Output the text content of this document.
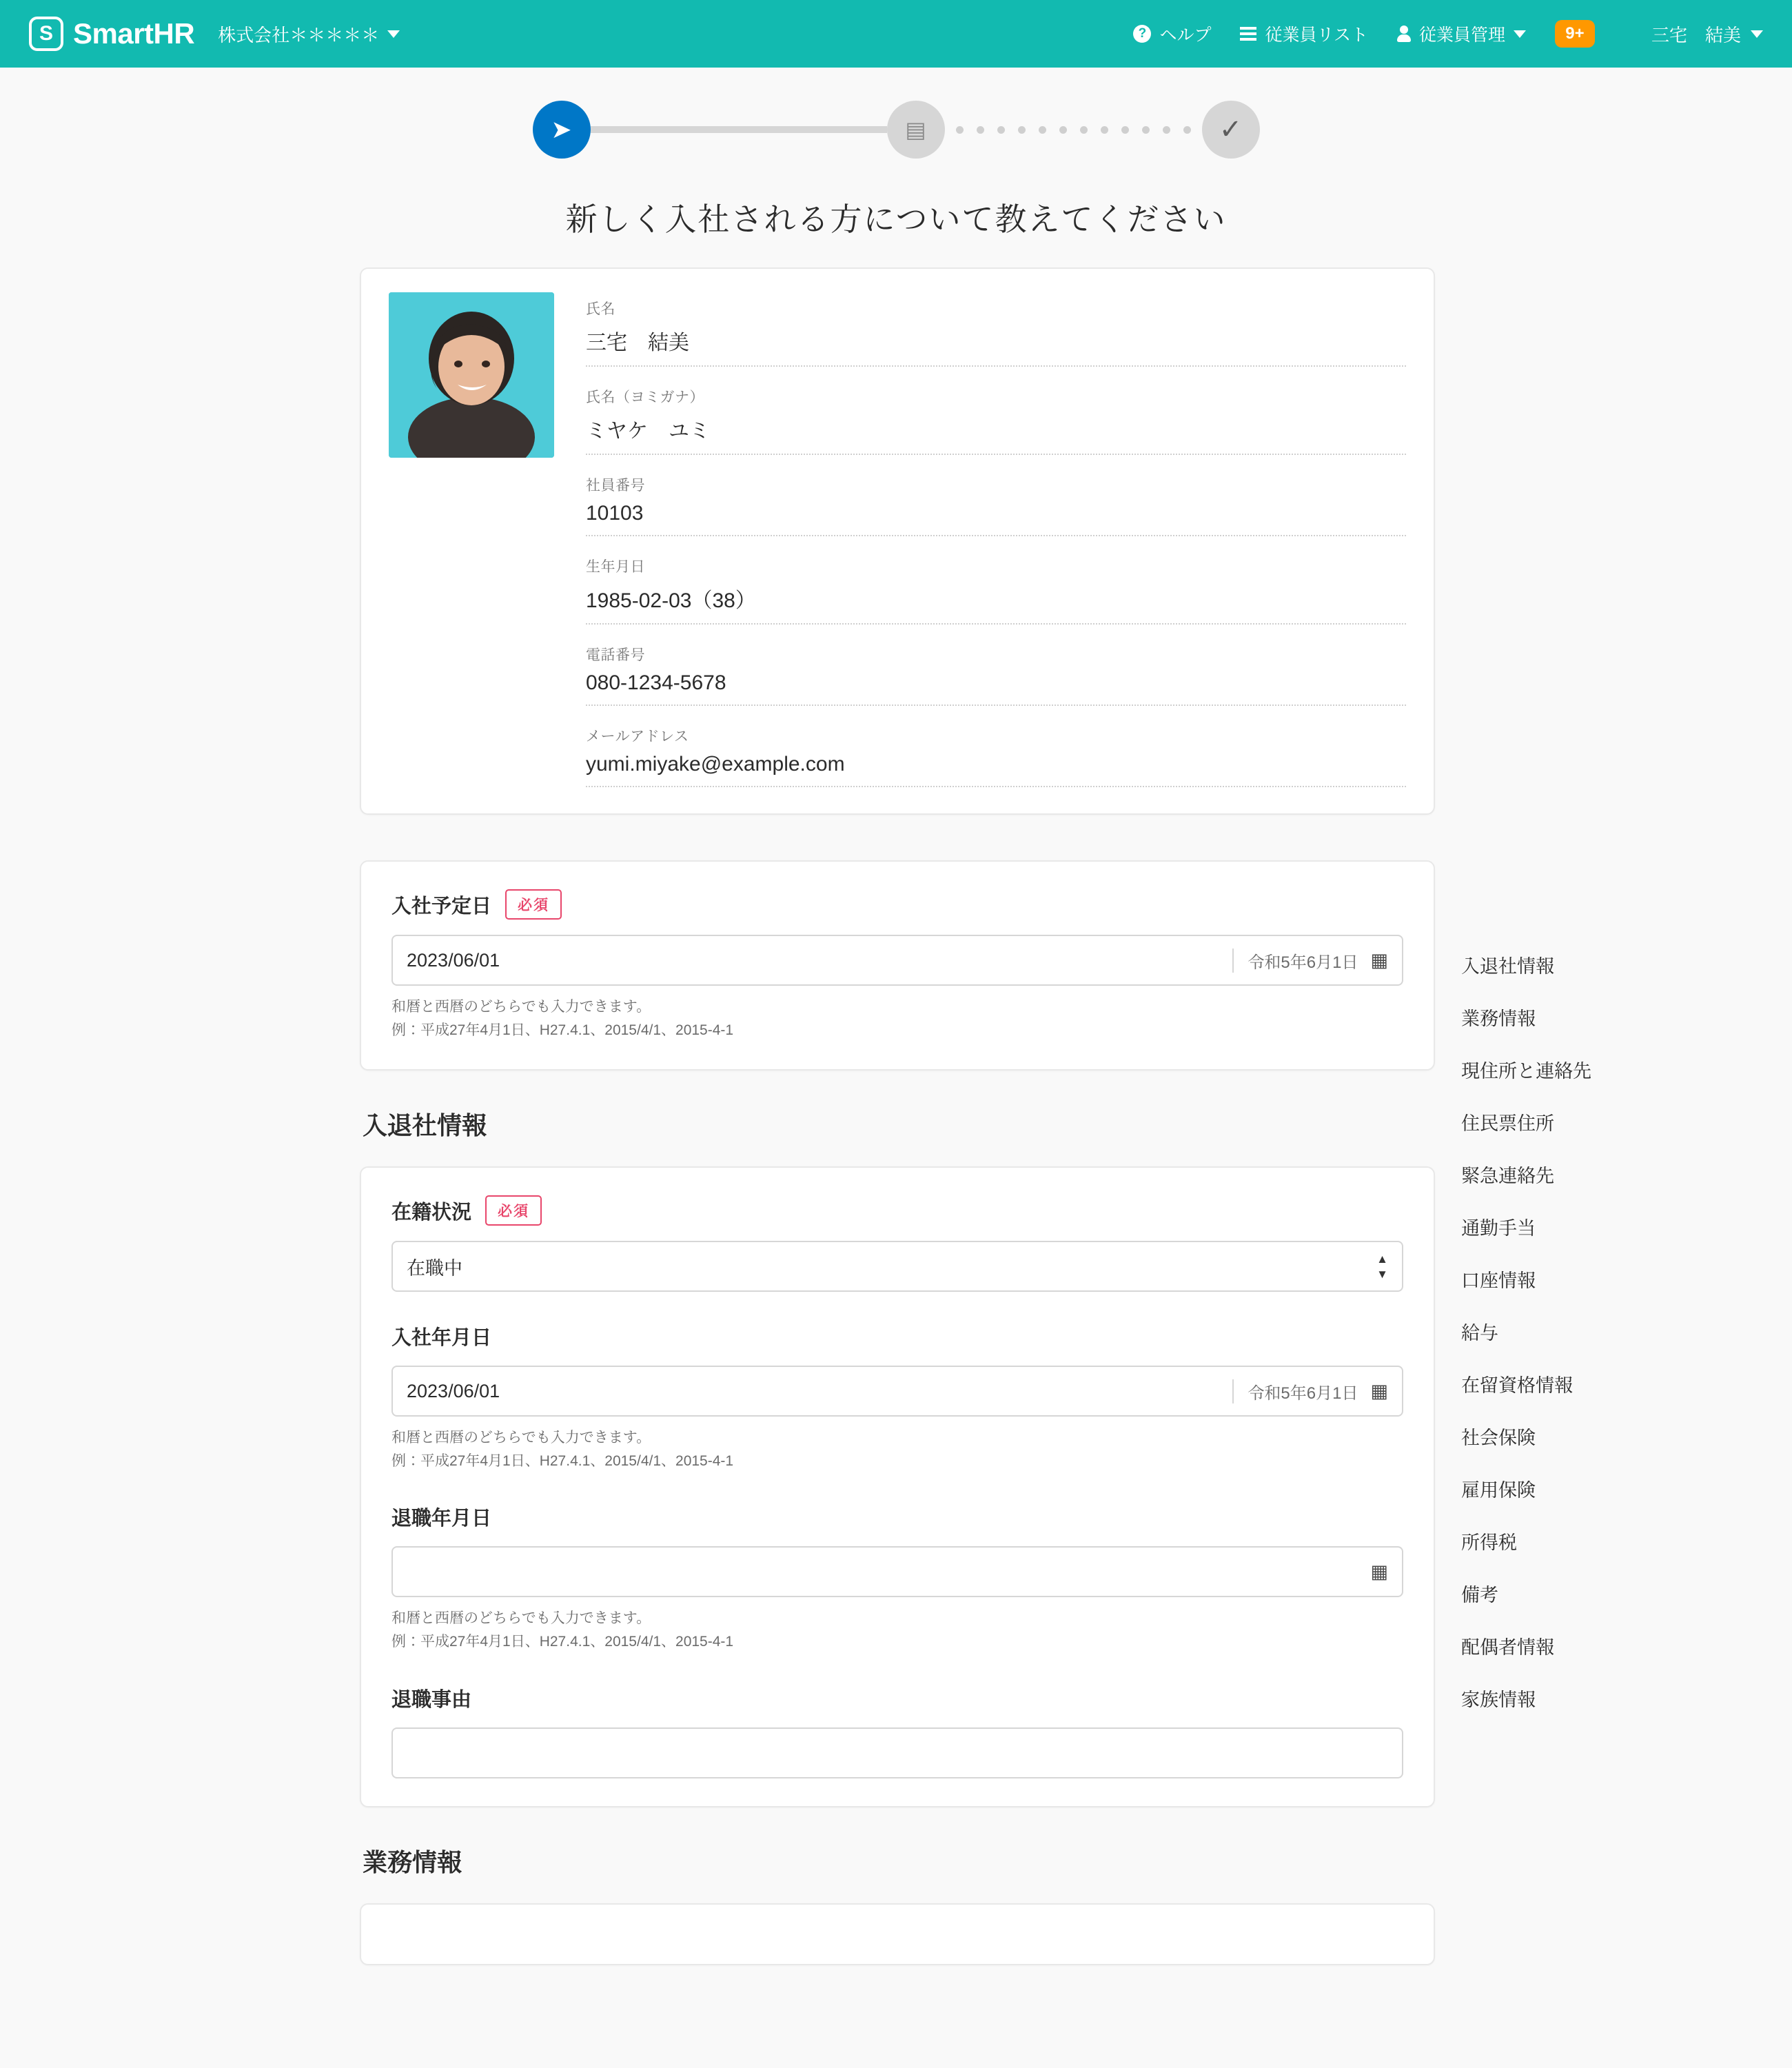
S SmartHR 株式会社＊＊＊＊＊	? ヘルプ	従業員リスト	従業員管理	9+	三宅　結美
➤	▤	✓
新しく入社される方について教えてください
氏名
三宅　結美
氏名（ヨミガナ）
ミヤケ　ユミ
社員番号
10103
生年月日
1985-02-03（38）
電話番号
080-1234-5678
メールアドレス
yumi.miyake@example.com
入社予定日	必須
2023/06/01	令和5年6月1日 ▦
和暦と西暦のどちらでも入力できます。
例：平成27年4月1日、H27.4.1、2015/4/1、2015-4-1
入退社情報
在籍状況	必須
在職中	▲
▼
入社年月日
2023/06/01	令和5年6月1日 ▦
和暦と西暦のどちらでも入力できます。
例：平成27年4月1日、H27.4.1、2015/4/1、2015-4-1
退職年月日
▦
和暦と西暦のどちらでも入力できます。
例：平成27年4月1日、H27.4.1、2015/4/1、2015-4-1
退職事由
業務情報
入退社情報
業務情報
現住所と連絡先
住民票住所
緊急連絡先
通勤手当
口座情報
給与
在留資格情報
社会保険
雇用保険
所得税
備考
配偶者情報
家族情報
